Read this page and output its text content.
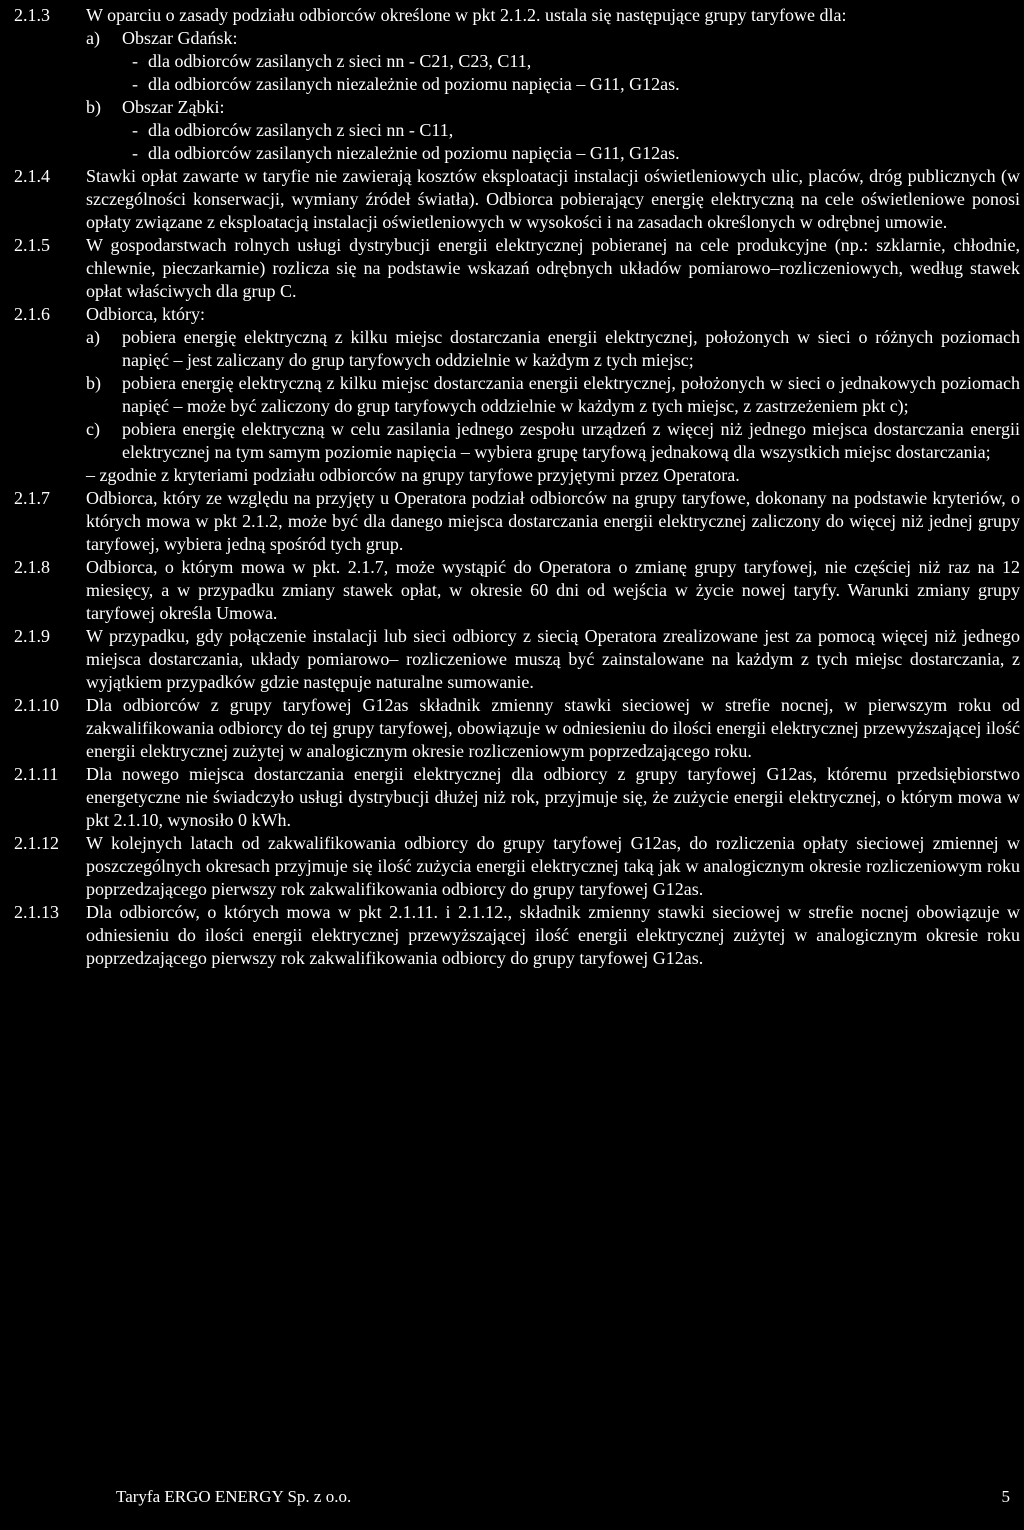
2.1.3	W oparciu o zasady podziału odbiorców określone w pkt 2.1.2. ustala się następujące grupy taryfowe dla:

a)	Obszar Gdańsk:
- dla odbiorców zasilanych z sieci nn - C21, C23, C11,
- dla odbiorców zasilanych niezależnie od poziomu napięcia – G11, G12as.
b)	Obszar Ząbki:
- dla odbiorców zasilanych z sieci nn - C11,
- dla odbiorców zasilanych niezależnie od poziomu napięcia – G11, G12as.
2.1.4	Stawki opłat zawarte w taryfie nie zawierają kosztów eksploatacji instalacji oświetleniowych ulic, placów, dróg publicznych (w szczególności konserwacji, wymiany źródeł światła). Odbiorca pobierający energię elektryczną na cele oświetleniowe ponosi opłaty związane z eksploatacją instalacji oświetleniowych w wysokości i na zasadach określonych w odrębnej umowie.

2.1.5	W gospodarstwach rolnych usługi dystrybucji energii elektrycznej pobieranej na cele produkcyjne (np.: szklarnie, chłodnie, chlewnie, pieczarkarnie) rozlicza się na podstawie wskazań odrębnych układów pomiarowo–rozliczeniowych, według stawek opłat właściwych dla grup C.

2.1.6	Odbiorca, który:

a)	pobiera energię elektryczną z kilku miejsc dostarczania energii elektrycznej, położonych w sieci o różnych poziomach napięć – jest zaliczany do grup taryfowych oddzielnie w każdym z tych miejsc;
b)	pobiera energię elektryczną z kilku miejsc dostarczania energii elektrycznej, położonych w sieci o jednakowych poziomach napięć – może być zaliczony do grup taryfowych oddzielnie w każdym z tych miejsc, z zastrzeżeniem pkt c);
c)	pobiera energię elektryczną w celu zasilania jednego zespołu urządzeń z więcej niż jednego miejsca dostarczania energii elektrycznej na tym samym poziomie napięcia – wybiera grupę taryfową jednakową dla wszystkich miejsc dostarczania;

– zgodnie z kryteriami podziału odbiorców na grupy taryfowe przyjętymi przez Operatora.

2.1.7	Odbiorca, który ze względu na przyjęty u Operatora podział odbiorców na grupy taryfowe, dokonany na podstawie kryteriów, o których mowa w pkt 2.1.2, może być dla danego miejsca dostarczania energii elektrycznej zaliczony do więcej niż jednej grupy taryfowej, wybiera jedną spośród tych grup.

2.1.8	Odbiorca, o którym mowa w pkt. 2.1.7, może wystąpić do Operatora o zmianę grupy taryfowej, nie częściej niż raz na 12 miesięcy, a w przypadku zmiany stawek opłat, w okresie 60 dni od wejścia w życie nowej taryfy. Warunki zmiany grupy taryfowej określa Umowa.

2.1.9	W przypadku, gdy połączenie instalacji lub sieci odbiorcy z siecią Operatora zrealizowane jest za pomocą więcej niż jednego miejsca dostarczania, układy pomiarowo– rozliczeniowe muszą być zainstalowane na każdym z tych miejsc dostarczania, z wyjątkiem przypadków gdzie następuje naturalne sumowanie.

2.1.10	Dla odbiorców z grupy taryfowej G12as składnik zmienny stawki sieciowej w strefie nocnej, w pierwszym roku od zakwalifikowania odbiorcy do tej grupy taryfowej, obowiązuje w odniesieniu do ilości energii elektrycznej przewyższającej ilość energii elektrycznej zużytej w analogicznym okresie rozliczeniowym poprzedzającego roku.

2.1.11	Dla nowego miejsca dostarczania energii elektrycznej dla odbiorcy z grupy taryfowej G12as, któremu przedsiębiorstwo energetyczne nie świadczyło usługi dystrybucji dłużej niż rok, przyjmuje się, że zużycie energii elektrycznej, o którym mowa w pkt 2.1.10, wynosiło 0 kWh.

2.1.12	W kolejnych latach od zakwalifikowania odbiorcy do grupy taryfowej G12as, do rozliczenia opłaty sieciowej zmiennej w poszczególnych okresach przyjmuje się ilość zużycia energii elektrycznej taką jak w analogicznym okresie rozliczeniowym roku poprzedzającego pierwszy rok zakwalifikowania odbiorcy do grupy taryfowej G12as.

2.1.13	Dla odbiorców, o których mowa w pkt 2.1.11. i 2.1.12., składnik zmienny stawki sieciowej w strefie nocnej obowiązuje w odniesieniu do ilości energii elektrycznej przewyższającej ilość energii elektrycznej zużytej w analogicznym okresie roku poprzedzającego pierwszy rok zakwalifikowania odbiorcy do grupy taryfowej G12as.

Taryfa ERGO ENERGY Sp. z o.o.	5
